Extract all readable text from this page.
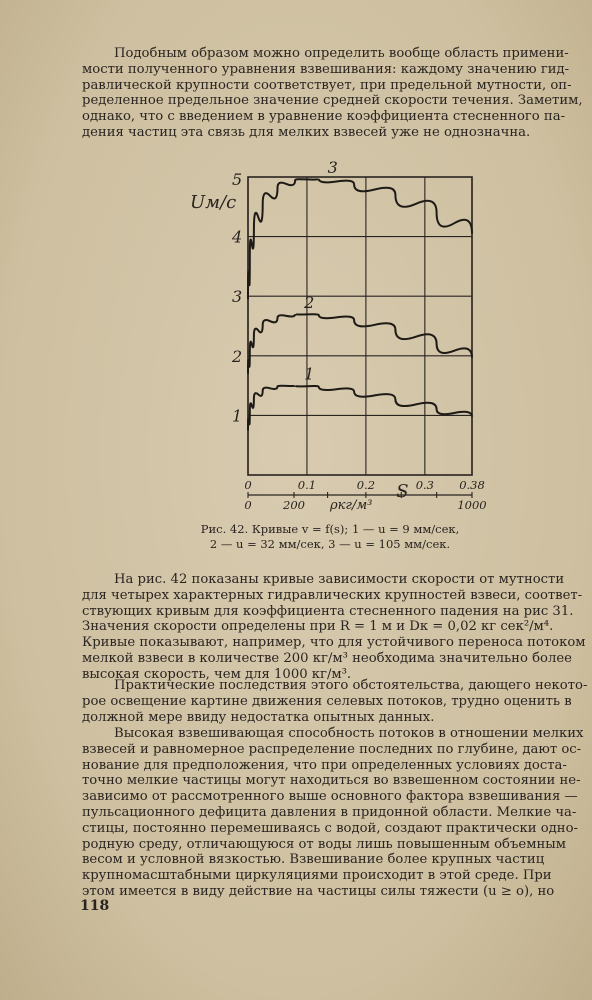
Подобным образом можно определить вообще область примени-
мости полученного уравнения взвешивания: каждому значению гид-
равлической крупности соответствует, при предельной мутности, оп-
ределенное предельное значение средней скорости течения. Заметим,
однако, что с введением в уравнение коэффициента стесненного па-
дения частиц эта связь для мелких взвесей уже не однозначна.
1
2
3
4
5
Uм/с
0	0.1	0.2	0.3 0.38
S
0	200	1000
ρкг/м³
1
2
3
Рис. 42. Кривые v = f(s); 1 — u = 9 мм/сек,
2 — u = 32 мм/сек, 3 — u = 105 мм/сек.
На рис. 42 показаны кривые зависимости скорости от мутности
для четырех характерных гидравлических крупностей взвеси, соответ-
ствующих кривым для коэффициента стесненного падения на рис 31.
Значения скорости определены при R = 1 м и Dк = 0,02 кг сек²/м⁴.
Кривые показывают, например, что для устойчивого переноса потоком
мелкой взвеси в количестве 200 кг/м³ необходима значительно более
высокая скорость, чем для 1000 кг/м³.
Практические последствия этого обстоятельства, дающего некото-
рое освещение картине движения селевых потоков, трудно оценить в
должной мере ввиду недостатка опытных данных.
Высокая взвешивающая способность потоков в отношении мелких
взвесей и равномерное распределение последних по глубине, дают ос-
нование для предположения, что при определенных условиях доста-
точно мелкие частицы могут находиться во взвешенном состоянии не-
зависимо от рассмотренного выше основного фактора взвешивания —
пульсационного дефицита давления в придонной области. Мелкие ча-
стицы, постоянно перемешиваясь с водой, создают практически одно-
родную среду, отличающуюся от воды лишь повышенным объемным
весом и условной вязкостью. Взвешивание более крупных частиц
крупномасштабными циркуляциями происходит в этой среде. При
этом имеется в виду действие на частицы силы тяжести (u ≥ o), но
118
